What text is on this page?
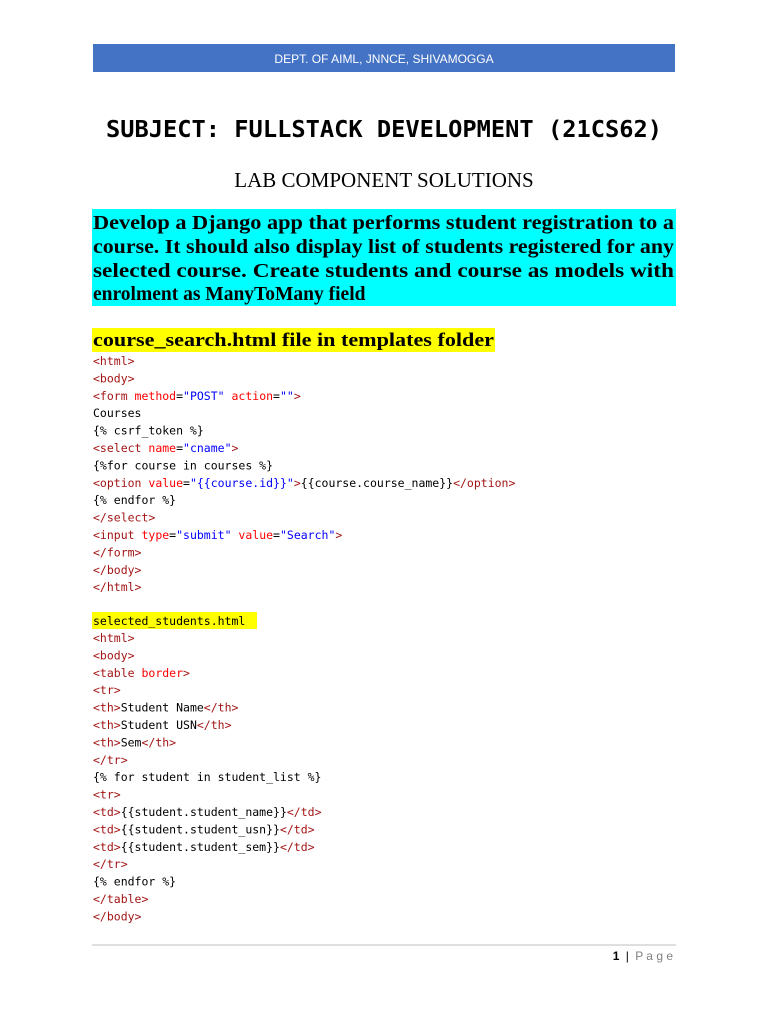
DEPT. OF AIML, JNNCE, SHIVAMOGGA
SUBJECT: FULLSTACK DEVELOPMENT (21CS62)
LAB COMPONENT SOLUTIONS
Develop a Django app that performs student registration to a
course. It should also display list of students registered for any
selected course. Create students and course as models with
enrolment as ManyToMany field
course_search.html file in templates folder
<html>
<body>
<form method="POST" action="">
Courses
{% csrf_token %}
<select name="cname">
{%for course in courses %}
<option value="{{course.id}}">{{course.course_name}}</option>
{% endfor %}
</select>
<input type="submit" value="Search">
</form>
</body>
</html>
selected_students.html
<html>
<body>
<table border>
<tr>
<th>Student Name</th>
<th>Student USN</th>
<th>Sem</th>
</tr>
{% for student in student_list %}
<tr>
<td>{{student.student_name}}</td>
<td>{{student.student_usn}}</td>
<td>{{student.student_sem}}</td>
</tr>
{% endfor %}
</table>
</body>
1 | P a g e
